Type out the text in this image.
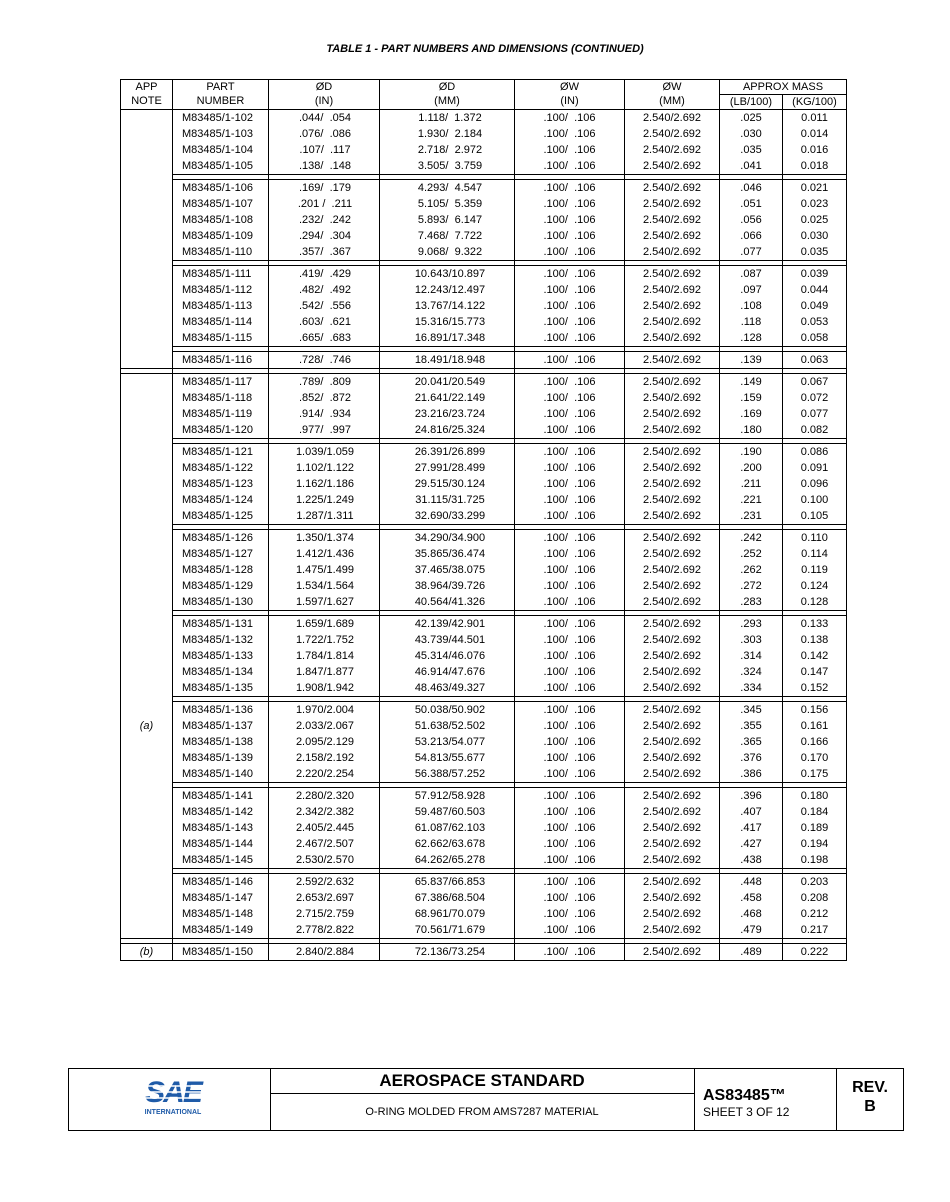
TABLE 1 - PART NUMBERS AND DIMENSIONS (CONTINUED)
APP	PART	ØD	ØD	ØW	ØW	APPROX MASS	
NOTE	NUMBER	(IN)	(MM)	(IN)	(MM)	(LB/100)	(KG/100)
	M83485/1-102	.044/  .054	1.118/  1.372	.100/  .106	2.540/2.692	.025	0.011
	M83485/1-103	.076/  .086	1.930/  2.184	.100/  .106	2.540/2.692	.030	0.014
	M83485/1-104	.107/  .117	2.718/  2.972	.100/  .106	2.540/2.692	.035	0.016
	M83485/1-105	.138/  .148	3.505/  3.759	.100/  .106	2.540/2.692	.041	0.018

	M83485/1-106	.169/  .179	4.293/  4.547	.100/  .106	2.540/2.692	.046	0.021
	M83485/1-107	.201 /  .211	5.105/  5.359	.100/  .106	2.540/2.692	.051	0.023
	M83485/1-108	.232/  .242	5.893/  6.147	.100/  .106	2.540/2.692	.056	0.025
	M83485/1-109	.294/  .304	7.468/  7.722	.100/  .106	2.540/2.692	.066	0.030
	M83485/1-110	.357/  .367	9.068/  9.322	.100/  .106	2.540/2.692	.077	0.035

	M83485/1-111	.419/  .429	10.643/10.897	.100/  .106	2.540/2.692	.087	0.039
	M83485/1-112	.482/  .492	12.243/12.497	.100/  .106	2.540/2.692	.097	0.044
	M83485/1-113	.542/  .556	13.767/14.122	.100/  .106	2.540/2.692	.108	0.049
	M83485/1-114	.603/  .621	15.316/15.773	.100/  .106	2.540/2.692	.118	0.053
	M83485/1-115	.665/  .683	16.891/17.348	.100/  .106	2.540/2.692	.128	0.058

	M83485/1-116	.728/  .746	18.491/18.948	.100/  .106	2.540/2.692	.139	0.063

	M83485/1-117	.789/  .809	20.041/20.549	.100/  .106	2.540/2.692	.149	0.067
	M83485/1-118	.852/  .872	21.641/22.149	.100/  .106	2.540/2.692	.159	0.072
	M83485/1-119	.914/  .934	23.216/23.724	.100/  .106	2.540/2.692	.169	0.077
	M83485/1-120	.977/  .997	24.816/25.324	.100/  .106	2.540/2.692	.180	0.082

	M83485/1-121	1.039/1.059	26.391/26.899	.100/  .106	2.540/2.692	.190	0.086
	M83485/1-122	1.102/1.122	27.991/28.499	.100/  .106	2.540/2.692	.200	0.091
	M83485/1-123	1.162/1.186	29.515/30.124	.100/  .106	2.540/2.692	.211	0.096
	M83485/1-124	1.225/1.249	31.115/31.725	.100/  .106	2.540/2.692	.221	0.100
	M83485/1-125	1.287/1.311	32.690/33.299	.100/  .106	2.540/2.692	.231	0.105

	M83485/1-126	1.350/1.374	34.290/34.900	.100/  .106	2.540/2.692	.242	0.110
	M83485/1-127	1.412/1.436	35.865/36.474	.100/  .106	2.540/2.692	.252	0.114
	M83485/1-128	1.475/1.499	37.465/38.075	.100/  .106	2.540/2.692	.262	0.119
	M83485/1-129	1.534/1.564	38.964/39.726	.100/  .106	2.540/2.692	.272	0.124
	M83485/1-130	1.597/1.627	40.564/41.326	.100/  .106	2.540/2.692	.283	0.128

	M83485/1-131	1.659/1.689	42.139/42.901	.100/  .106	2.540/2.692	.293	0.133
	M83485/1-132	1.722/1.752	43.739/44.501	.100/  .106	2.540/2.692	.303	0.138
	M83485/1-133	1.784/1.814	45.314/46.076	.100/  .106	2.540/2.692	.314	0.142
	M83485/1-134	1.847/1.877	46.914/47.676	.100/  .106	2.540/2.692	.324	0.147
	M83485/1-135	1.908/1.942	48.463/49.327	.100/  .106	2.540/2.692	.334	0.152

	M83485/1-136	1.970/2.004	50.038/50.902	.100/  .106	2.540/2.692	.345	0.156
(a)	M83485/1-137	2.033/2.067	51.638/52.502	.100/  .106	2.540/2.692	.355	0.161
	M83485/1-138	2.095/2.129	53.213/54.077	.100/  .106	2.540/2.692	.365	0.166
	M83485/1-139	2.158/2.192	54.813/55.677	.100/  .106	2.540/2.692	.376	0.170
	M83485/1-140	2.220/2.254	56.388/57.252	.100/  .106	2.540/2.692	.386	0.175

	M83485/1-141	2.280/2.320	57.912/58.928	.100/  .106	2.540/2.692	.396	0.180
	M83485/1-142	2.342/2.382	59.487/60.503	.100/  .106	2.540/2.692	.407	0.184
	M83485/1-143	2.405/2.445	61.087/62.103	.100/  .106	2.540/2.692	.417	0.189
	M83485/1-144	2.467/2.507	62.662/63.678	.100/  .106	2.540/2.692	.427	0.194
	M83485/1-145	2.530/2.570	64.262/65.278	.100/  .106	2.540/2.692	.438	0.198

	M83485/1-146	2.592/2.632	65.837/66.853	.100/  .106	2.540/2.692	.448	0.203
	M83485/1-147	2.653/2.697	67.386/68.504	.100/  .106	2.540/2.692	.458	0.208
	M83485/1-148	2.715/2.759	68.961/70.079	.100/  .106	2.540/2.692	.468	0.212
	M83485/1-149	2.778/2.822	70.561/71.679	.100/  .106	2.540/2.692	.479	0.217

(b)	M83485/1-150	2.840/2.884	72.136/73.254	.100/  .106	2.540/2.692	.489	0.222
SAE
INTERNATIONAL
AEROSPACE STANDARD
O-RING MOLDED FROM AMS7287 MATERIAL
AS83485™
SHEET 3 OF 12
REV.
B
